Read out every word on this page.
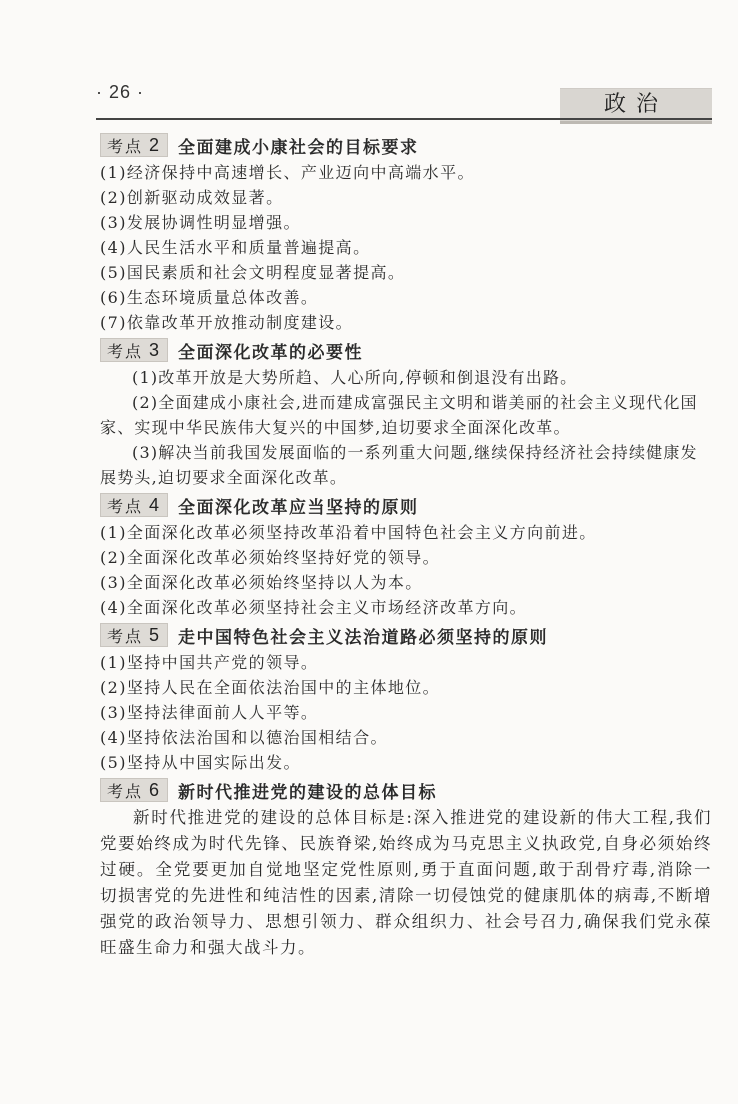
· 26 ·	政治
考点 2 全面建成小康社会的目标要求
(1)经济保持中高速增长、产业迈向中高端水平。
(2)创新驱动成效显著。
(3)发展协调性明显增强。
(4)人民生活水平和质量普遍提高。
(5)国民素质和社会文明程度显著提高。
(6)生态环境质量总体改善。
(7)依靠改革开放推动制度建设。
考点 3 全面深化改革的必要性

(1)改革开放是大势所趋、人心所向,停顿和倒退没有出路。

(2)全面建成小康社会,进而建成富强民主文明和谐美丽的社会主义现代化国家、实现中华民族伟大复兴的中国梦,迫切要求全面深化改革。

(3)解决当前我国发展面临的一系列重大问题,继续保持经济社会持续健康发展势头,迫切要求全面深化改革。

考点 4 全面深化改革应当坚持的原则
(1)全面深化改革必须坚持改革沿着中国特色社会主义方向前进。
(2)全面深化改革必须始终坚持好党的领导。
(3)全面深化改革必须始终坚持以人为本。
(4)全面深化改革必须坚持社会主义市场经济改革方向。
考点 5 走中国特色社会主义法治道路必须坚持的原则
(1)坚持中国共产党的领导。
(2)坚持人民在全面依法治国中的主体地位。
(3)坚持法律面前人人平等。
(4)坚持依法治国和以德治国相结合。
(5)坚持从中国实际出发。
考点 6 新时代推进党的建设的总体目标

新时代推进党的建设的总体目标是:深入推进党的建设新的伟大工程,我们党要始终成为时代先锋、民族脊梁,始终成为马克思主义执政党,自身必须始终过硬。全党要更加自觉地坚定党性原则,勇于直面问题,敢于刮骨疗毒,消除一切损害党的先进性和纯洁性的因素,清除一切侵蚀党的健康肌体的病毒,不断增强党的政治领导力、思想引领力、群众组织力、社会号召力,确保我们党永葆旺盛生命力和强大战斗力。
